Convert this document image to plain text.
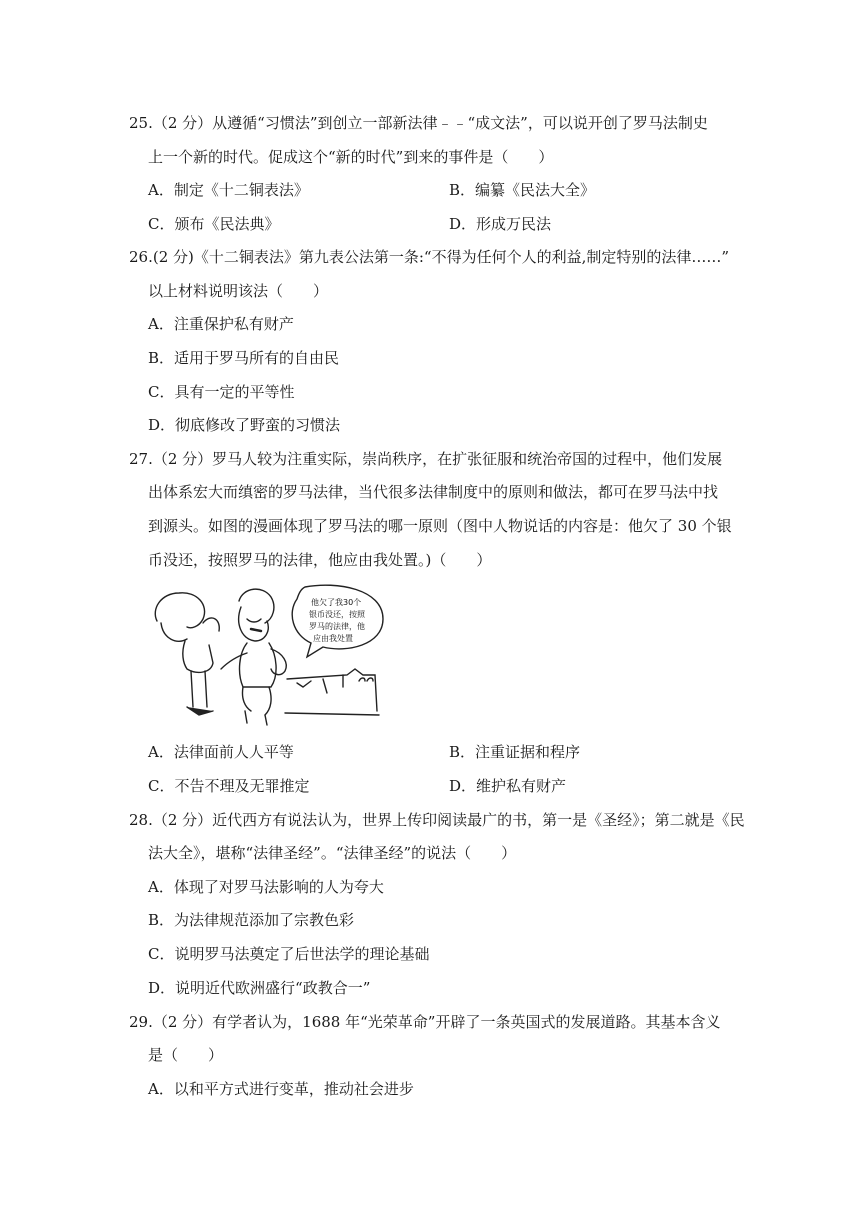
25.（2 分）从遵循“习惯法”到创立一部新法律﹣﹣“成文法”，可以说开创了罗马法制史
上一个新的时代。促成这个“新的时代”到来的事件是（　　）
A．制定《十二铜表法》	B．编纂《民法大全》
C．颁布《民法典》	D．形成万民法
26.(2 分)《十二铜表法》第九表公法第一条:“不得为任何个人的利益,制定特别的法律……”
以上材料说明该法（　　）
A．注重保护私有财产
B．适用于罗马所有的自由民
C．具有一定的平等性
D．彻底修改了野蛮的习惯法
27.（2 分）罗马人较为注重实际，崇尚秩序，在扩张征服和统治帝国的过程中，他们发展
出体系宏大而缜密的罗马法律，当代很多法律制度中的原则和做法，都可在罗马法中找
到源头。如图的漫画体现了罗马法的哪一原则（图中人物说话的内容是：他欠了 30 个银
币没还，按照罗马的法律，他应由我处置。)（　　）
他欠了我30个
银币没还，按照
罗马的法律，他
应由我处置
A．法律面前人人平等	B．注重证据和程序
C．不告不理及无罪推定	D．维护私有财产
28.（2 分）近代西方有说法认为，世界上传印阅读最广的书，第一是《圣经》；第二就是《民
法大全》，堪称“法律圣经”。“法律圣经”的说法（　　）
A．体现了对罗马法影响的人为夸大
B．为法律规范添加了宗教色彩
C．说明罗马法奠定了后世法学的理论基础
D．说明近代欧洲盛行“政教合一”
29.（2 分）有学者认为，1688 年“光荣革命”开辟了一条英国式的发展道路。其基本含义
是（　　）
A．以和平方式进行变革，推动社会进步
